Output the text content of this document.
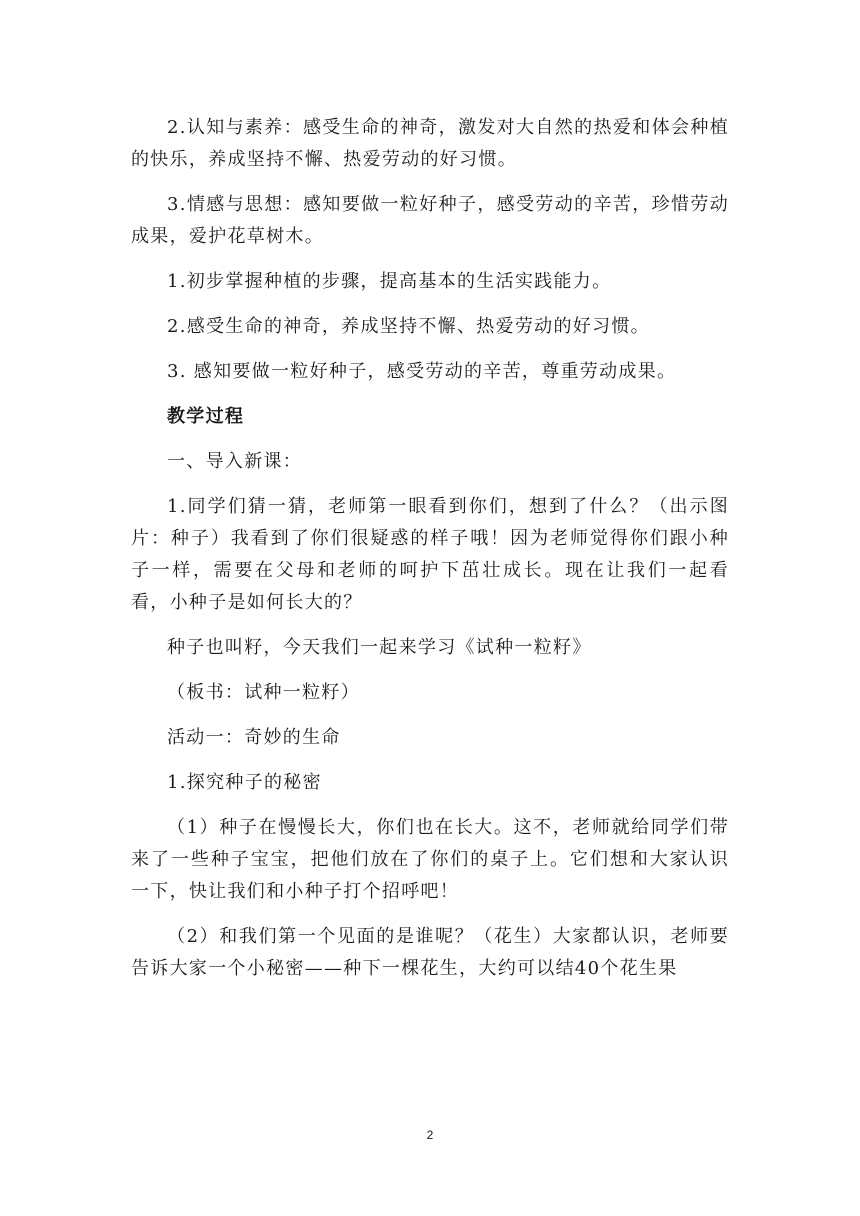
2.认知与素养：感受生命的神奇，激发对大自然的热爱和体会种植的快乐，养成坚持不懈、热爱劳动的好习惯。

3.情感与思想：感知要做一粒好种子，感受劳动的辛苦，珍惜劳动成果，爱护花草树木。

1.初步掌握种植的步骤，提高基本的生活实践能力。

2.感受生命的神奇，养成坚持不懈、热爱劳动的好习惯。

3. 感知要做一粒好种子，感受劳动的辛苦，尊重劳动成果。

教学过程

一、导入新课：

1.同学们猜一猜，老师第一眼看到你们，想到了什么？（出示图片：种子）我看到了你们很疑惑的样子哦！因为老师觉得你们跟小种子一样，需要在父母和老师的呵护下茁壮成长。现在让我们一起看看，小种子是如何长大的？

种子也叫籽，今天我们一起来学习《试种一粒籽》

（板书：试种一粒籽）

活动一：奇妙的生命

1.探究种子的秘密

（1）种子在慢慢长大，你们也在长大。这不，老师就给同学们带来了一些种子宝宝，把他们放在了你们的桌子上。它们想和大家认识一下，快让我们和小种子打个招呼吧！

（2）和我们第一个见面的是谁呢？（花生）大家都认识，老师要告诉大家一个小秘密——种下一棵花生，大约可以结40个花生果

2
